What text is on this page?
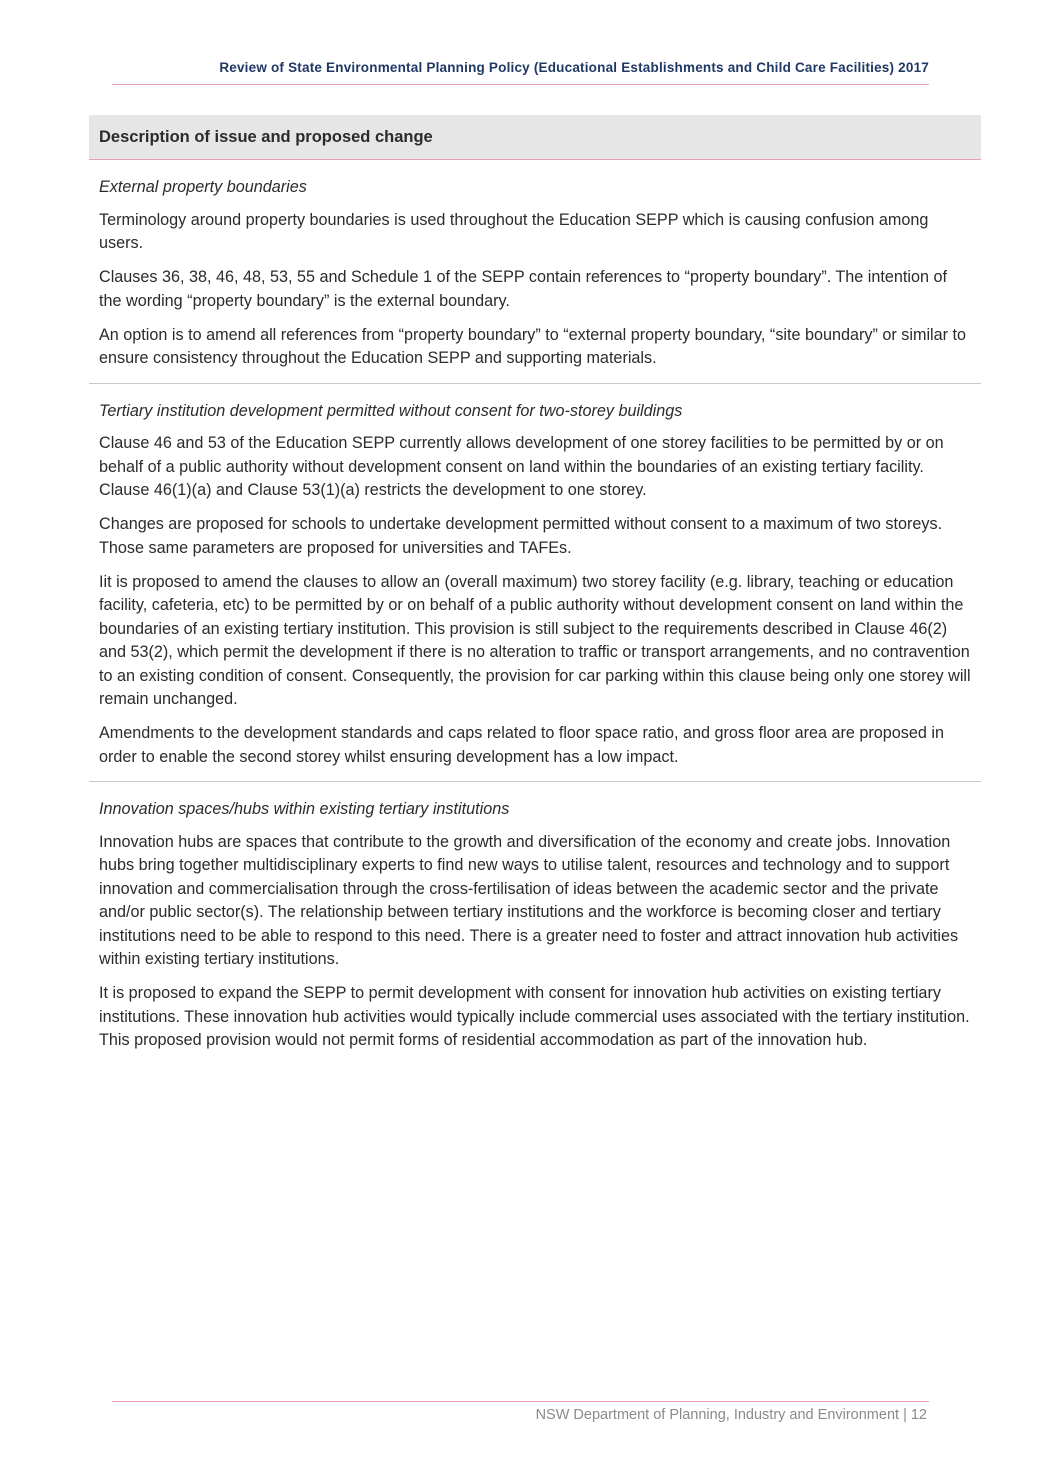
Review of State Environmental Planning Policy (Educational Establishments and Child Care Facilities) 2017
Description of issue and proposed change

External property boundaries

Terminology around property boundaries is used throughout the Education SEPP which is causing confusion among users.

Clauses 36, 38, 46, 48, 53, 55 and Schedule 1 of the SEPP contain references to “property boundary”. The intention of the wording “property boundary” is the external boundary.

An option is to amend all references from “property boundary” to “external property boundary, “site boundary” or similar to ensure consistency throughout the Education SEPP and supporting materials.

Tertiary institution development permitted without consent for two-storey buildings

Clause 46 and 53 of the Education SEPP currently allows development of one storey facilities to be permitted by or on behalf of a public authority without development consent on land within the boundaries of an existing tertiary facility. Clause 46(1)(a) and Clause 53(1)(a) restricts the development to one storey.

Changes are proposed for schools to undertake development permitted without consent to a maximum of two storeys. Those same parameters are proposed for universities and TAFEs.

Iit is proposed to amend the clauses to allow an (overall maximum) two storey facility (e.g. library, teaching or education facility, cafeteria, etc) to be permitted by or on behalf of a public authority without development consent on land within the boundaries of an existing tertiary institution. This provision is still subject to the requirements described in Clause 46(2) and 53(2), which permit the development if there is no alteration to traffic or transport arrangements, and no contravention to an existing condition of consent. Consequently, the provision for car parking within this clause being only one storey will remain unchanged.

Amendments to the development standards and caps related to floor space ratio, and gross floor area are proposed in order to enable the second storey whilst ensuring development has a low impact.

Innovation spaces/hubs within existing tertiary institutions

Innovation hubs are spaces that contribute to the growth and diversification of the economy and create jobs. Innovation hubs bring together multidisciplinary experts to find new ways to utilise talent, resources and technology and to support innovation and commercialisation through the cross-fertilisation of ideas between the academic sector and the private and/or public sector(s). The relationship between tertiary institutions and the workforce is becoming closer and tertiary institutions need to be able to respond to this need. There is a greater need to foster and attract innovation hub activities within existing tertiary institutions.

It is proposed to expand the SEPP to permit development with consent for innovation hub activities on existing tertiary institutions. These innovation hub activities would typically include commercial uses associated with the tertiary institution. This proposed provision would not permit forms of residential accommodation as part of the innovation hub.

NSW Department of Planning, Industry and Environment | 12
